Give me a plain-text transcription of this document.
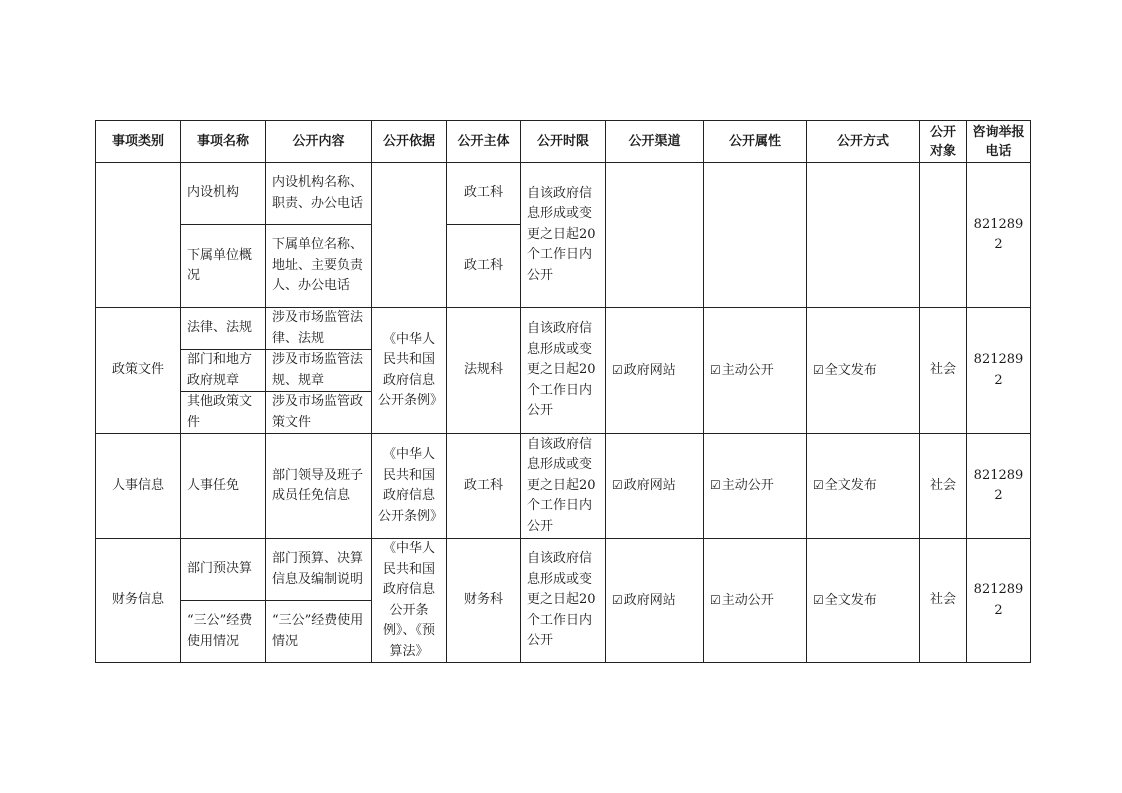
事项类别	事项名称	公开内容	公开依据	公开主体	公开时限	公开渠道	公开属性	公开方式	公开对象	咨询举报电话
	内设机构	内设机构名称、职责、办公电话		政工科	自该政府信息形成或变更之日起20个工作日内公开					8212892
	下属单位概况	下属单位名称、地址、主要负责人、办公电话		政工科						
政策文件	法律、法规	涉及市场监管法律、法规	《中华人民共和国政府信息公开条例》	法规科	自该政府信息形成或变更之日起20个工作日内公开	☑ 政府网站	☑主动公开	☑全文发布	社会	8212892
	部门和地方政府规章	涉及市场监管法规、规章								
	其他政策文件	涉及市场监管政策文件								
人事信息	人事任免	部门领导及班子成员任免信息	《中华人民共和国政府信息公开条例》	政工科	自该政府信息形成或变更之日起20个工作日内公开	☑ 政府网站	☑主动公开	☑全文发布	社会	8212892
财务信息	部门预决算	部门预算、决算信息及编制说明	《中华人民共和国政府信息公开条例》、《预算法》	财务科	自该政府信息形成或变更之日起20个工作日内公开	☑ 政府网站	☑主动公开	☑全文发布	社会	8212892
	“三公”经费使用情况	“三公”经费使用情况								
